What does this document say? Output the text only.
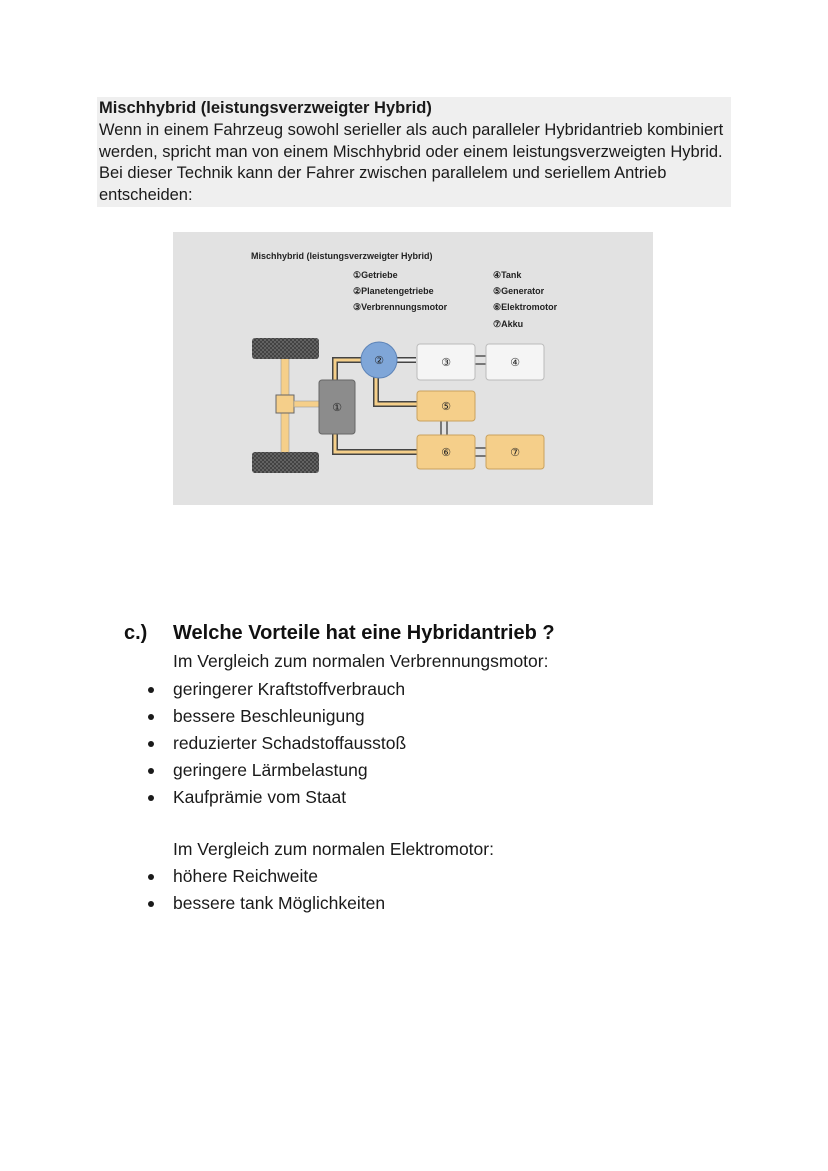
Mischhybrid (leistungsverzweigter Hybrid)
Wenn in einem Fahrzeug sowohl serieller als auch paralleler Hybridantrieb kombiniert werden, spricht man von einem Mischhybrid oder einem leistungsverzweigten Hybrid. Bei dieser Technik kann der Fahrer zwischen parallelem und seriellem Antrieb entscheiden:
Mischhybrid (leistungsverzweigter Hybrid)
①Getriebe
②Planetengetriebe
③Verbrennungsmotor
④Tank
⑤Generator
⑥Elektromotor
⑦Akku
①
②	③	④
⑤
⑥	⑦
c.) Welche Vorteile hat eine Hybridantrieb ?
Im Vergleich zum normalen Verbrennungsmotor:
geringerer Kraftstoffverbrauch
bessere Beschleunigung
reduzierter Schadstoffausstoß
geringere Lärmbelastung
Kaufprämie vom Staat
Im Vergleich zum normalen Elektromotor:
höhere Reichweite
bessere tank Möglichkeiten
